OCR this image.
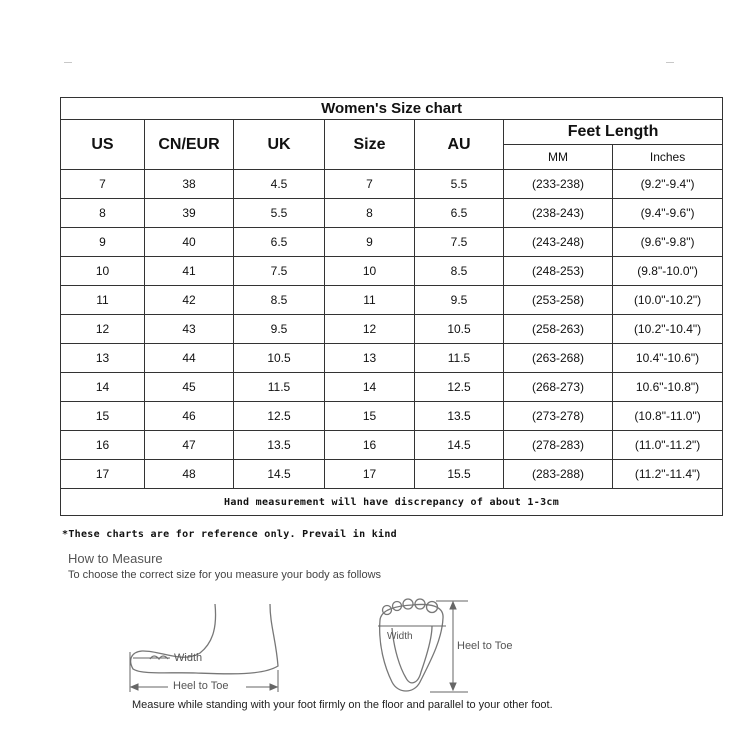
Women's Size chart						
US	CN/EUR	UK	Size	AU	Feet Length	
					MM	Inches
7	38	4.5	7	5.5	(233-238)	(9.2"-9.4")
8	39	5.5	8	6.5	(238-243)	(9.4"-9.6")
9	40	6.5	9	7.5	(243-248)	(9.6"-9.8")
10	41	7.5	10	8.5	(248-253)	(9.8"-10.0")
11	42	8.5	11	9.5	(253-258)	(10.0"-10.2")
12	43	9.5	12	10.5	(258-263)	(10.2"-10.4")
13	44	10.5	13	11.5	(263-268)	10.4"-10.6")
14	45	11.5	14	12.5	(268-273)	10.6"-10.8")
15	46	12.5	15	13.5	(273-278)	(10.8"-11.0")
16	47	13.5	16	14.5	(278-283)	(11.0"-11.2")
17	48	14.5	17	15.5	(283-288)	(11.2"-11.4")
Hand measurement will have discrepancy of about 1-3cm						
*These charts are for reference only. Prevail in kind
How to Measure
To choose the correct size for you measure your body as follows
Width
Heel to Toe
Width
Heel to Toe
Measure while standing with your foot firmly on the floor and parallel to your other foot.
